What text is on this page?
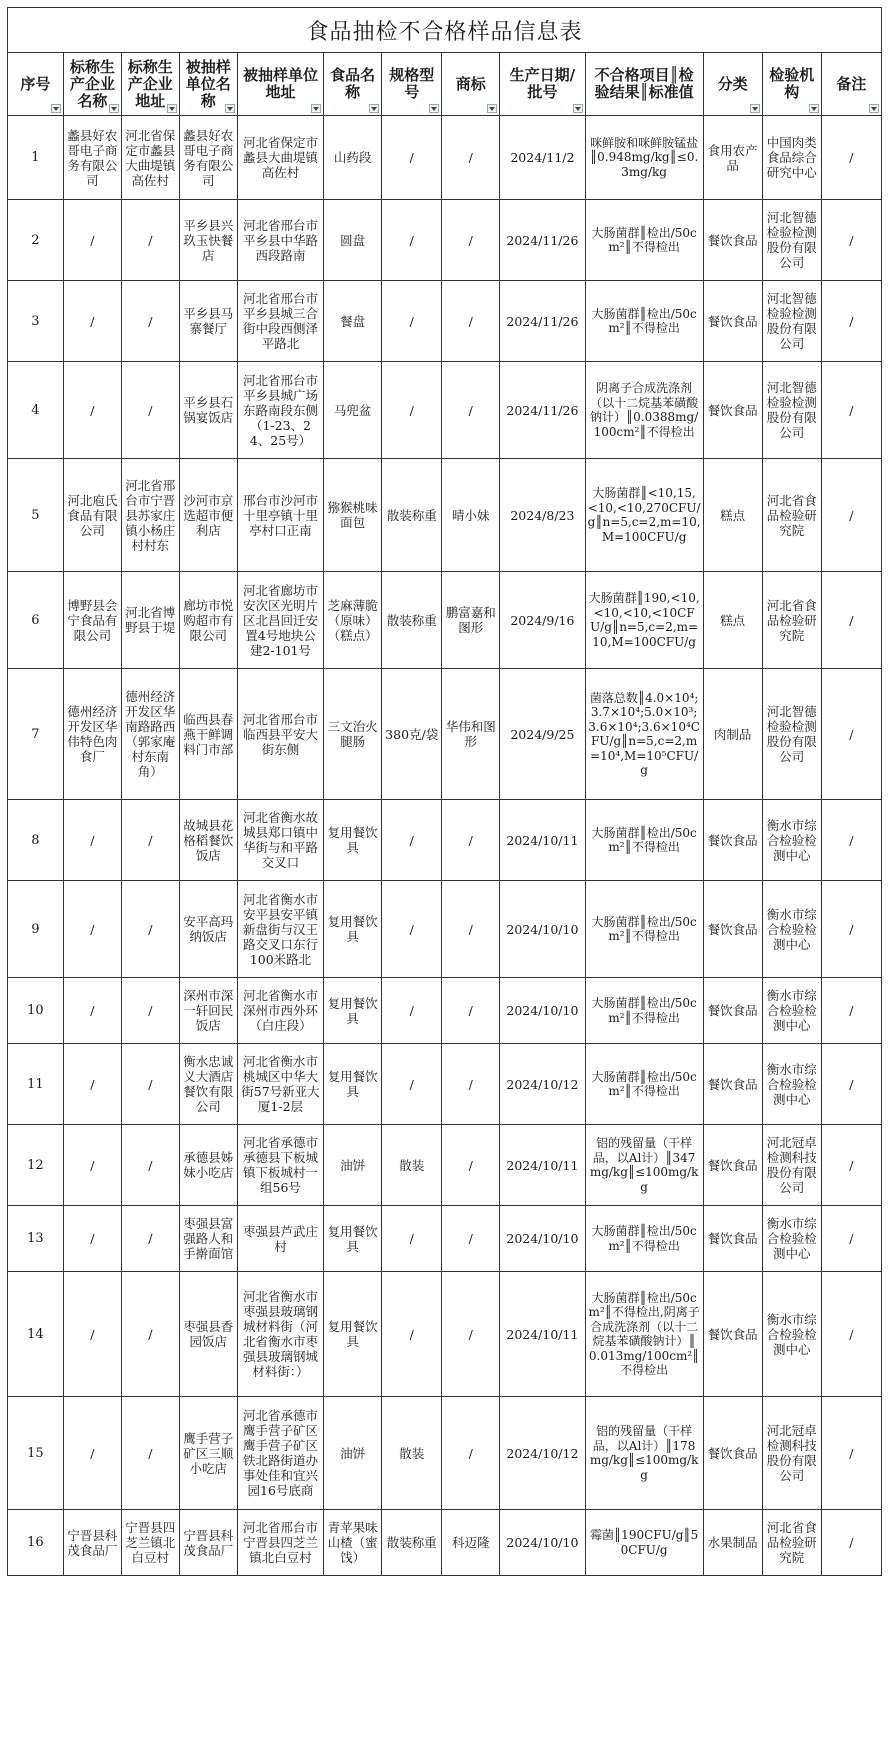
食品抽检不合格样品信息表												
序号	标称生产企业名称	标称生产企业地址	被抽样单位名称	被抽样单位地址	食品名称	规格型号	商标	生产日期/批号	不合格项目║检验结果║标准值	分类	检验机构	备注

1	蠡县好农哥电子商务有限公司	河北省保定市蠡县大曲堤镇高佐村	蠡县好农哥电子商务有限公司	河北省保定市蠡县大曲堤镇高佐村	山药段	/	/	2024/11/2	咪鲜胺和咪鲜胺锰盐║0.948mg/kg║≤0.3mg/kg	食用农产品	中国肉类食品综合研究中心	/
2	/	/	平乡县兴玖玉快餐店	河北省邢台市平乡县中华路西段路南	圆盘	/	/	2024/11/26	大肠菌群║检出/50cm²║不得检出	餐饮食品	河北智德检验检测股份有限公司	/
3	/	/	平乡县马寨餐厅	河北省邢台市平乡县城三合街中段西侧泽平路北	餐盘	/	/	2024/11/26	大肠菌群║检出/50cm²║不得检出	餐饮食品	河北智德检验检测股份有限公司	/
4	/	/	平乡县石锅宴饭店	河北省邢台市平乡县城广场东路南段东侧（1-23、24、25号）	马兜盆	/	/	2024/11/26	阴离子合成洗涤剂（以十二烷基苯磺酸钠计）║0.0388mg/100cm²║不得检出	餐饮食品	河北智德检验检测股份有限公司	/
5	河北庖氏食品有限公司	河北省邢台市宁晋县苏家庄镇小杨庄村村东	沙河市京选超市便利店	邢台市沙河市十里亭镇十里亭村口正南	猕猴桃味面包	散装称重	晴小妹	2024/8/23	大肠菌群║<10,15,<10,<10,270CFU/g║n=5,c=2,m=10,M=100CFU/g	糕点	河北省食品检验研究院	/
6	博野县会宁食品有限公司	河北省博野县于堤	廊坊市悦购超市有限公司	河北省廊坊市安次区光明片区北昌回迁安置4号地块公建2-101号	芝麻薄脆（原味）（糕点）	散装称重	鹏富嘉和图形	2024/9/16	大肠菌群║190,<10,<10,<10,<10CFU/g║n=5,c=2,m=10,M=100CFU/g	糕点	河北省食品检验研究院	/
7	德州经济开发区华伟特色肉食厂	德州经济开发区华南路路西（郭家庵村东南角）	临西县春燕干鲜调料门市部	河北省邢台市临西县平安大街东侧	三文治火腿肠	380克/袋	华伟和图形	2024/9/25	菌落总数║4.0×10⁴;3.7×10⁴;5.0×10³;3.6×10⁴;3.6×10⁴CFU/g║n=5,c=2,m=10⁴,M=10⁵CFU/g	肉制品	河北智德检验检测股份有限公司	/
8	/	/	故城县花格稻餐饮饭店	河北省衡水故城县郑口镇中华街与和平路交叉口	复用餐饮具	/	/	2024/10/11	大肠菌群║检出/50cm²║不得检出	餐饮食品	衡水市综合检验检测中心	/
9	/	/	安平高玛纳饭店	河北省衡水市安平县安平镇新盘街与汉王路交叉口东行100米路北	复用餐饮具	/	/	2024/10/10	大肠菌群║检出/50cm²║不得检出	餐饮食品	衡水市综合检验检测中心	/
10	/	/	深州市深一轩回民饭店	河北省衡水市深州市西外环（白庄段）	复用餐饮具	/	/	2024/10/10	大肠菌群║检出/50cm²║不得检出	餐饮食品	衡水市综合检验检测中心	/
11	/	/	衡水忠诚义大酒店餐饮有限公司	河北省衡水市桃城区中华大街57号新亚大厦1-2层	复用餐饮具	/	/	2024/10/12	大肠菌群║检出/50cm²║不得检出	餐饮食品	衡水市综合检验检测中心	/
12	/	/	承德县姊妹小吃店	河北省承德市承德县下板城镇下板城村一组56号	油饼	散装	/	2024/10/11	铝的残留量（干样品，以Al计）║347mg/kg║≤100mg/kg	餐饮食品	河北冠卓检测科技股份有限公司	/
13	/	/	枣强县富强路人和手擀面馆	枣强县芦武庄村	复用餐饮具	/	/	2024/10/10	大肠菌群║检出/50cm²║不得检出	餐饮食品	衡水市综合检验检测中心	/
14	/	/	枣强县香园饭店	河北省衡水市枣强县玻璃钢城材料街（河北省衡水市枣强县玻璃钢城材料街：）	复用餐饮具	/	/	2024/10/11	大肠菌群║检出/50cm²║不得检出,阴离子合成洗涤剂（以十二烷基苯磺酸钠计）║0.013mg/100cm²║不得检出	餐饮食品	衡水市综合检验检测中心	/
15	/	/	鹰手营子矿区三顺小吃店	河北省承德市鹰手营子矿区鹰手营子矿区铁北路街道办事处佳和宜兴园16号底商	油饼	散装	/	2024/10/12	铝的残留量（干样品，以Al计）║178mg/kg║≤100mg/kg	餐饮食品	河北冠卓检测科技股份有限公司	/
16	宁晋县科茂食品厂	宁晋县四芝兰镇北白豆村	宁晋县科茂食品厂	河北省邢台市宁晋县四芝兰镇北白豆村	青苹果味山楂（蜜饯）	散装称重	科迈隆	2024/10/10	霉菌║190CFU/g║50CFU/g	水果制品	河北省食品检验研究院	/
